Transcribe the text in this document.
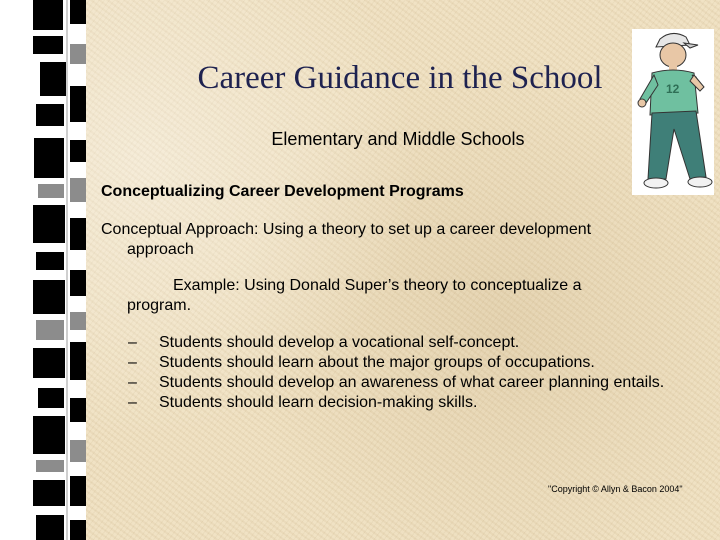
Career Guidance in the School
Elementary and Middle Schools
Conceptualizing Career Development Programs
Conceptual Approach: Using a theory to set up a career development
approach
Example: Using Donald Super’s theory to conceptualize a
program.
– Students should develop a vocational self-concept.
– Students should learn about the major groups of occupations.
– Students should develop an awareness of what career planning entails.
– Students should learn decision-making skills.
"Copyright © Allyn & Bacon 2004"
12
